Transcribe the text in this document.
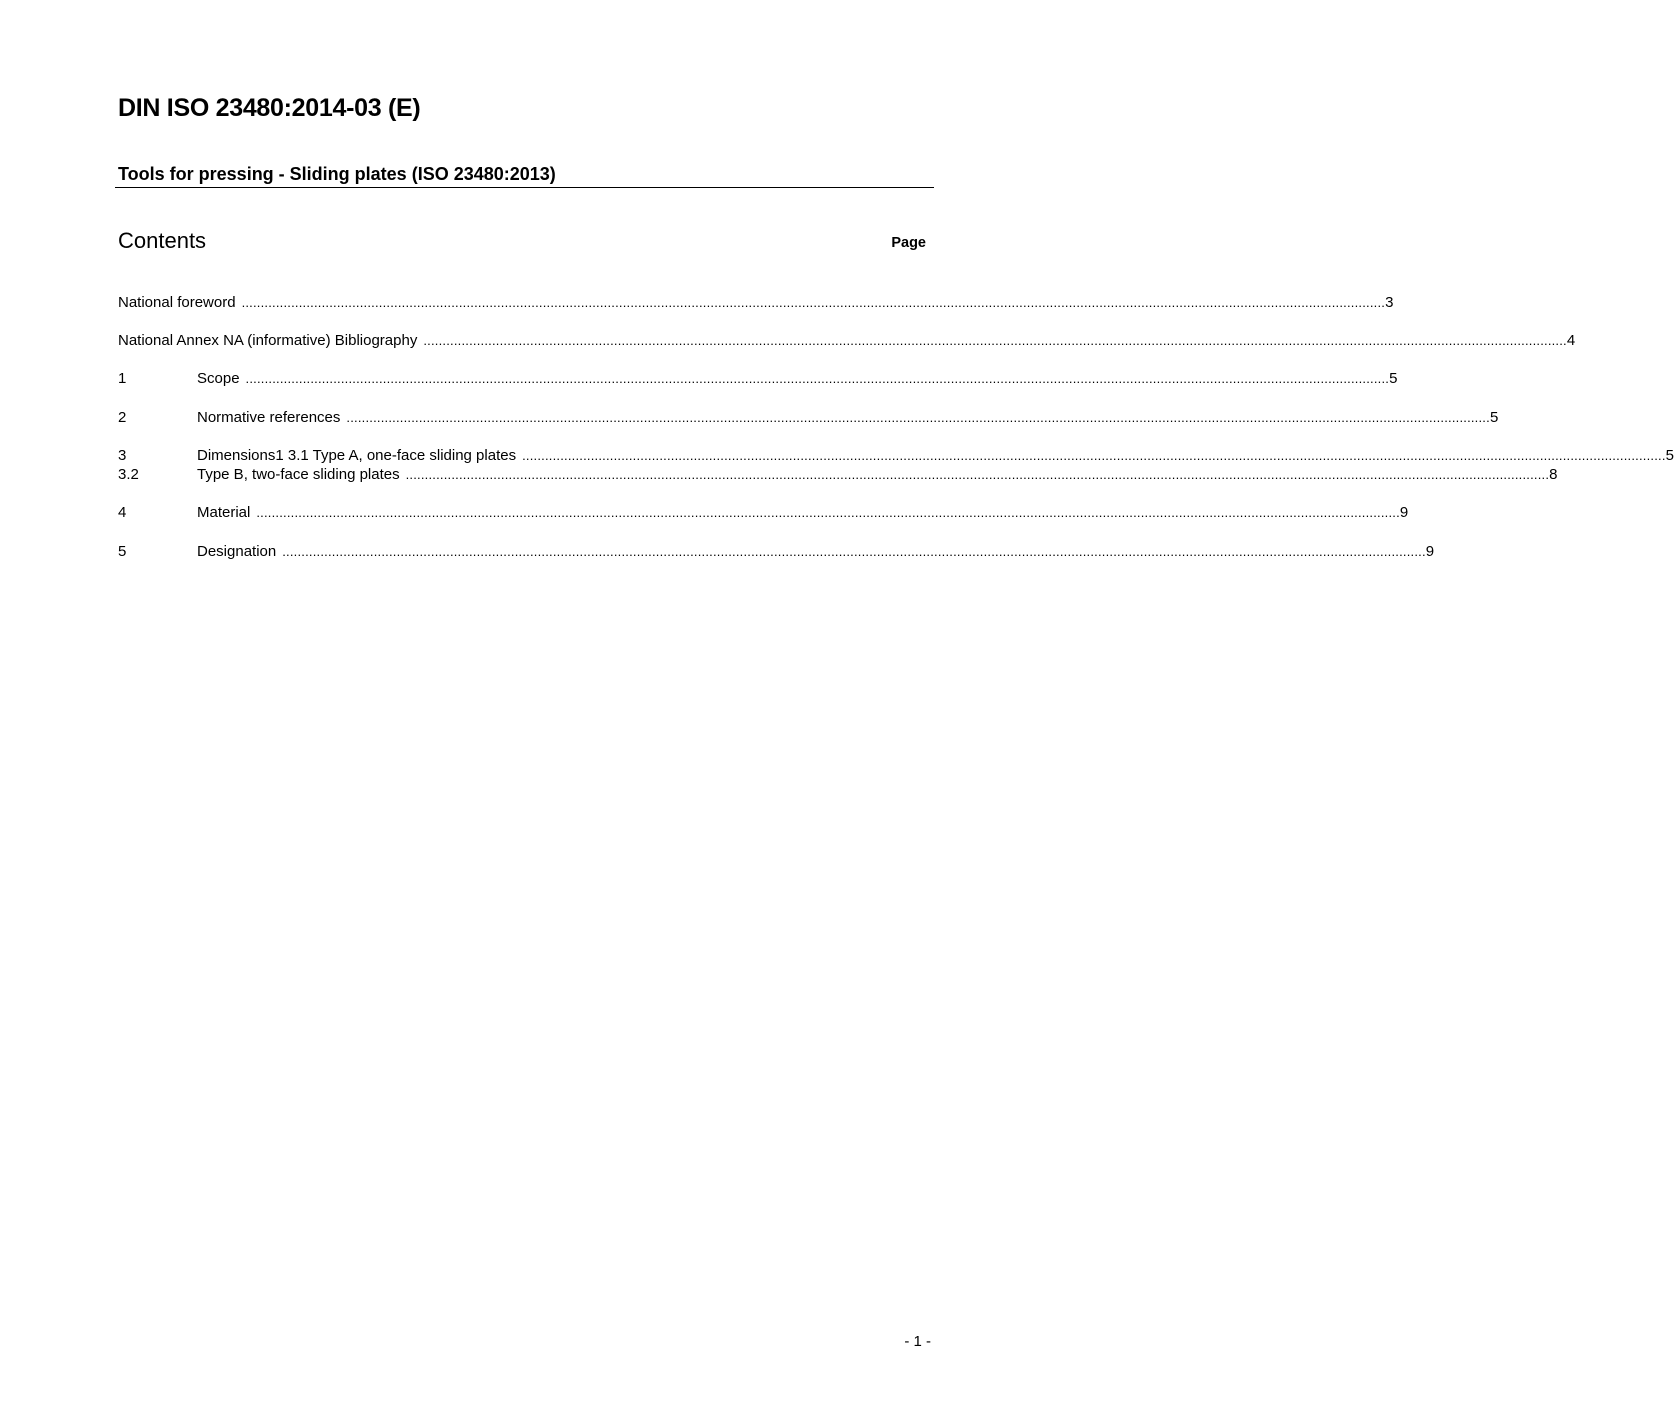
DIN ISO 23480:2014-03 (E)
Tools for pressing - Sliding plates (ISO 23480:2013)
Contents	Page
National foreword ............................................................................................................................................................................................................................................................................................................ 3
National Annex NA (informative) Bibliography ............................................................................................................................................................................................................................................................................................................ 4
1	Scope ............................................................................................................................................................................................................................................................................................................ 5
2	Normative references ............................................................................................................................................................................................................................................................................................................ 5
3	Dimensions1 3.1 Type A, one-face sliding plates ............................................................................................................................................................................................................................................................................................................ 5
3.2	Type B, two-face sliding plates ............................................................................................................................................................................................................................................................................................................ 8
4	Material ............................................................................................................................................................................................................................................................................................................ 9
5	Designation ............................................................................................................................................................................................................................................................................................................ 9
- 1 -
